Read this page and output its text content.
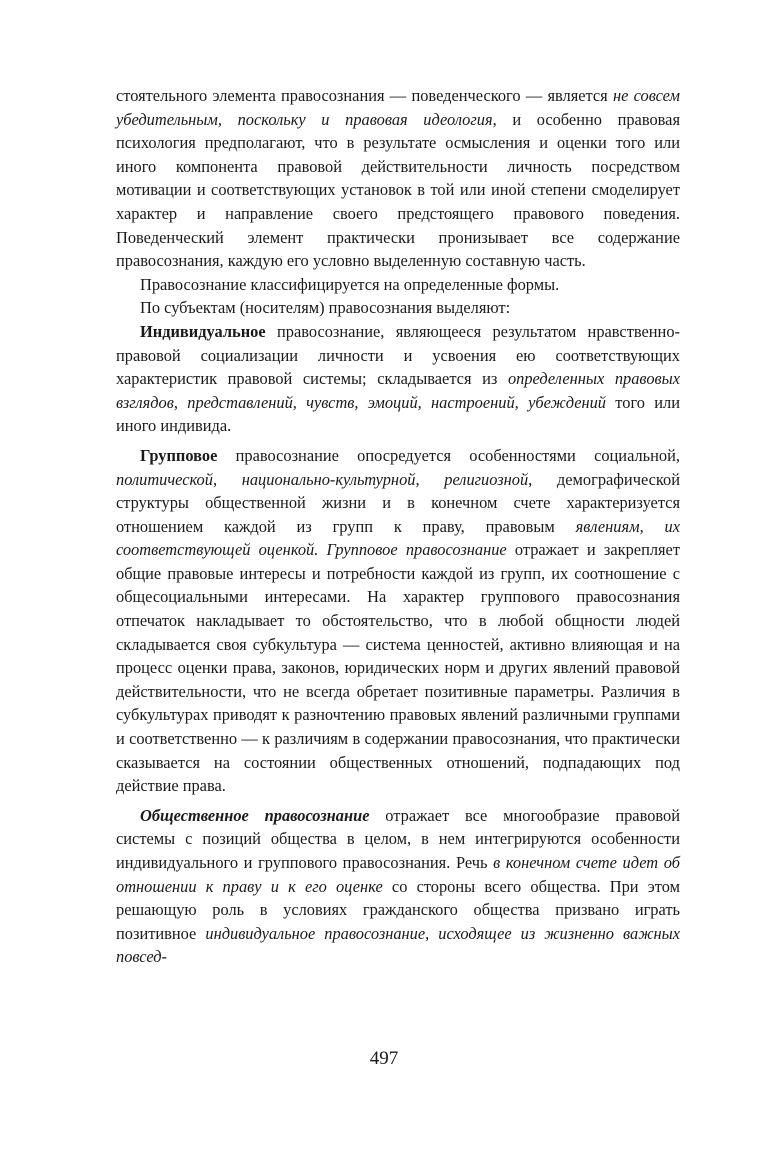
стоятельного элемента правосознания — поведенческого — является не совсем убедительным, поскольку и правовая идеология, и особенно правовая психология предполагают, что в результате осмысления и оценки того или иного компонента правовой действительности личность посредством мотивации и соответствующих установок в той или иной степени смоделирует характер и направление своего предстоящего правового поведения. Поведенческий элемент практически пронизывает все содержание правосознания, каждую его условно выделенную составную часть.

Правосознание классифицируется на определенные формы.

По субъектам (носителям) правосознания выделяют:

Индивидуальное правосознание, являющееся результатом нравственно-правовой социализации личности и усвоения ею соответствующих характеристик правовой системы; складывается из определенных правовых взглядов, представлений, чувств, эмоций, настроений, убеждений того или иного индивида.

Групповое правосознание опосредуется особенностями социальной, политической, национально-культурной, религиозной, демографической структуры общественной жизни и в конечном счете характеризуется отношением каждой из групп к праву, правовым явлениям, их соответствующей оценкой. Групповое правосознание отражает и закрепляет общие правовые интересы и потребности каждой из групп, их соотношение с общесоциальными интересами. На характер группового правосознания отпечаток накладывает то обстоятельство, что в любой общности людей складывается своя субкультура — система ценностей, активно влияющая и на процесс оценки права, законов, юридических норм и других явлений правовой действительности, что не всегда обретает позитивные параметры. Различия в субкультурах приводят к разночтению правовых явлений различными группами и соответственно — к различиям в содержании правосознания, что практически сказывается на состоянии общественных отношений, подпадающих под действие права.

Общественное правосознание отражает все многообразие правовой системы с позиций общества в целом, в нем интегрируются особенности индивидуального и группового правосознания. Речь в конечном счете идет об отношении к праву и к его оценке со стороны всего общества. При этом решающую роль в условиях гражданского общества призвано играть позитивное индивидуальное правосознание, исходящее из жизненно важных повсед-

497
